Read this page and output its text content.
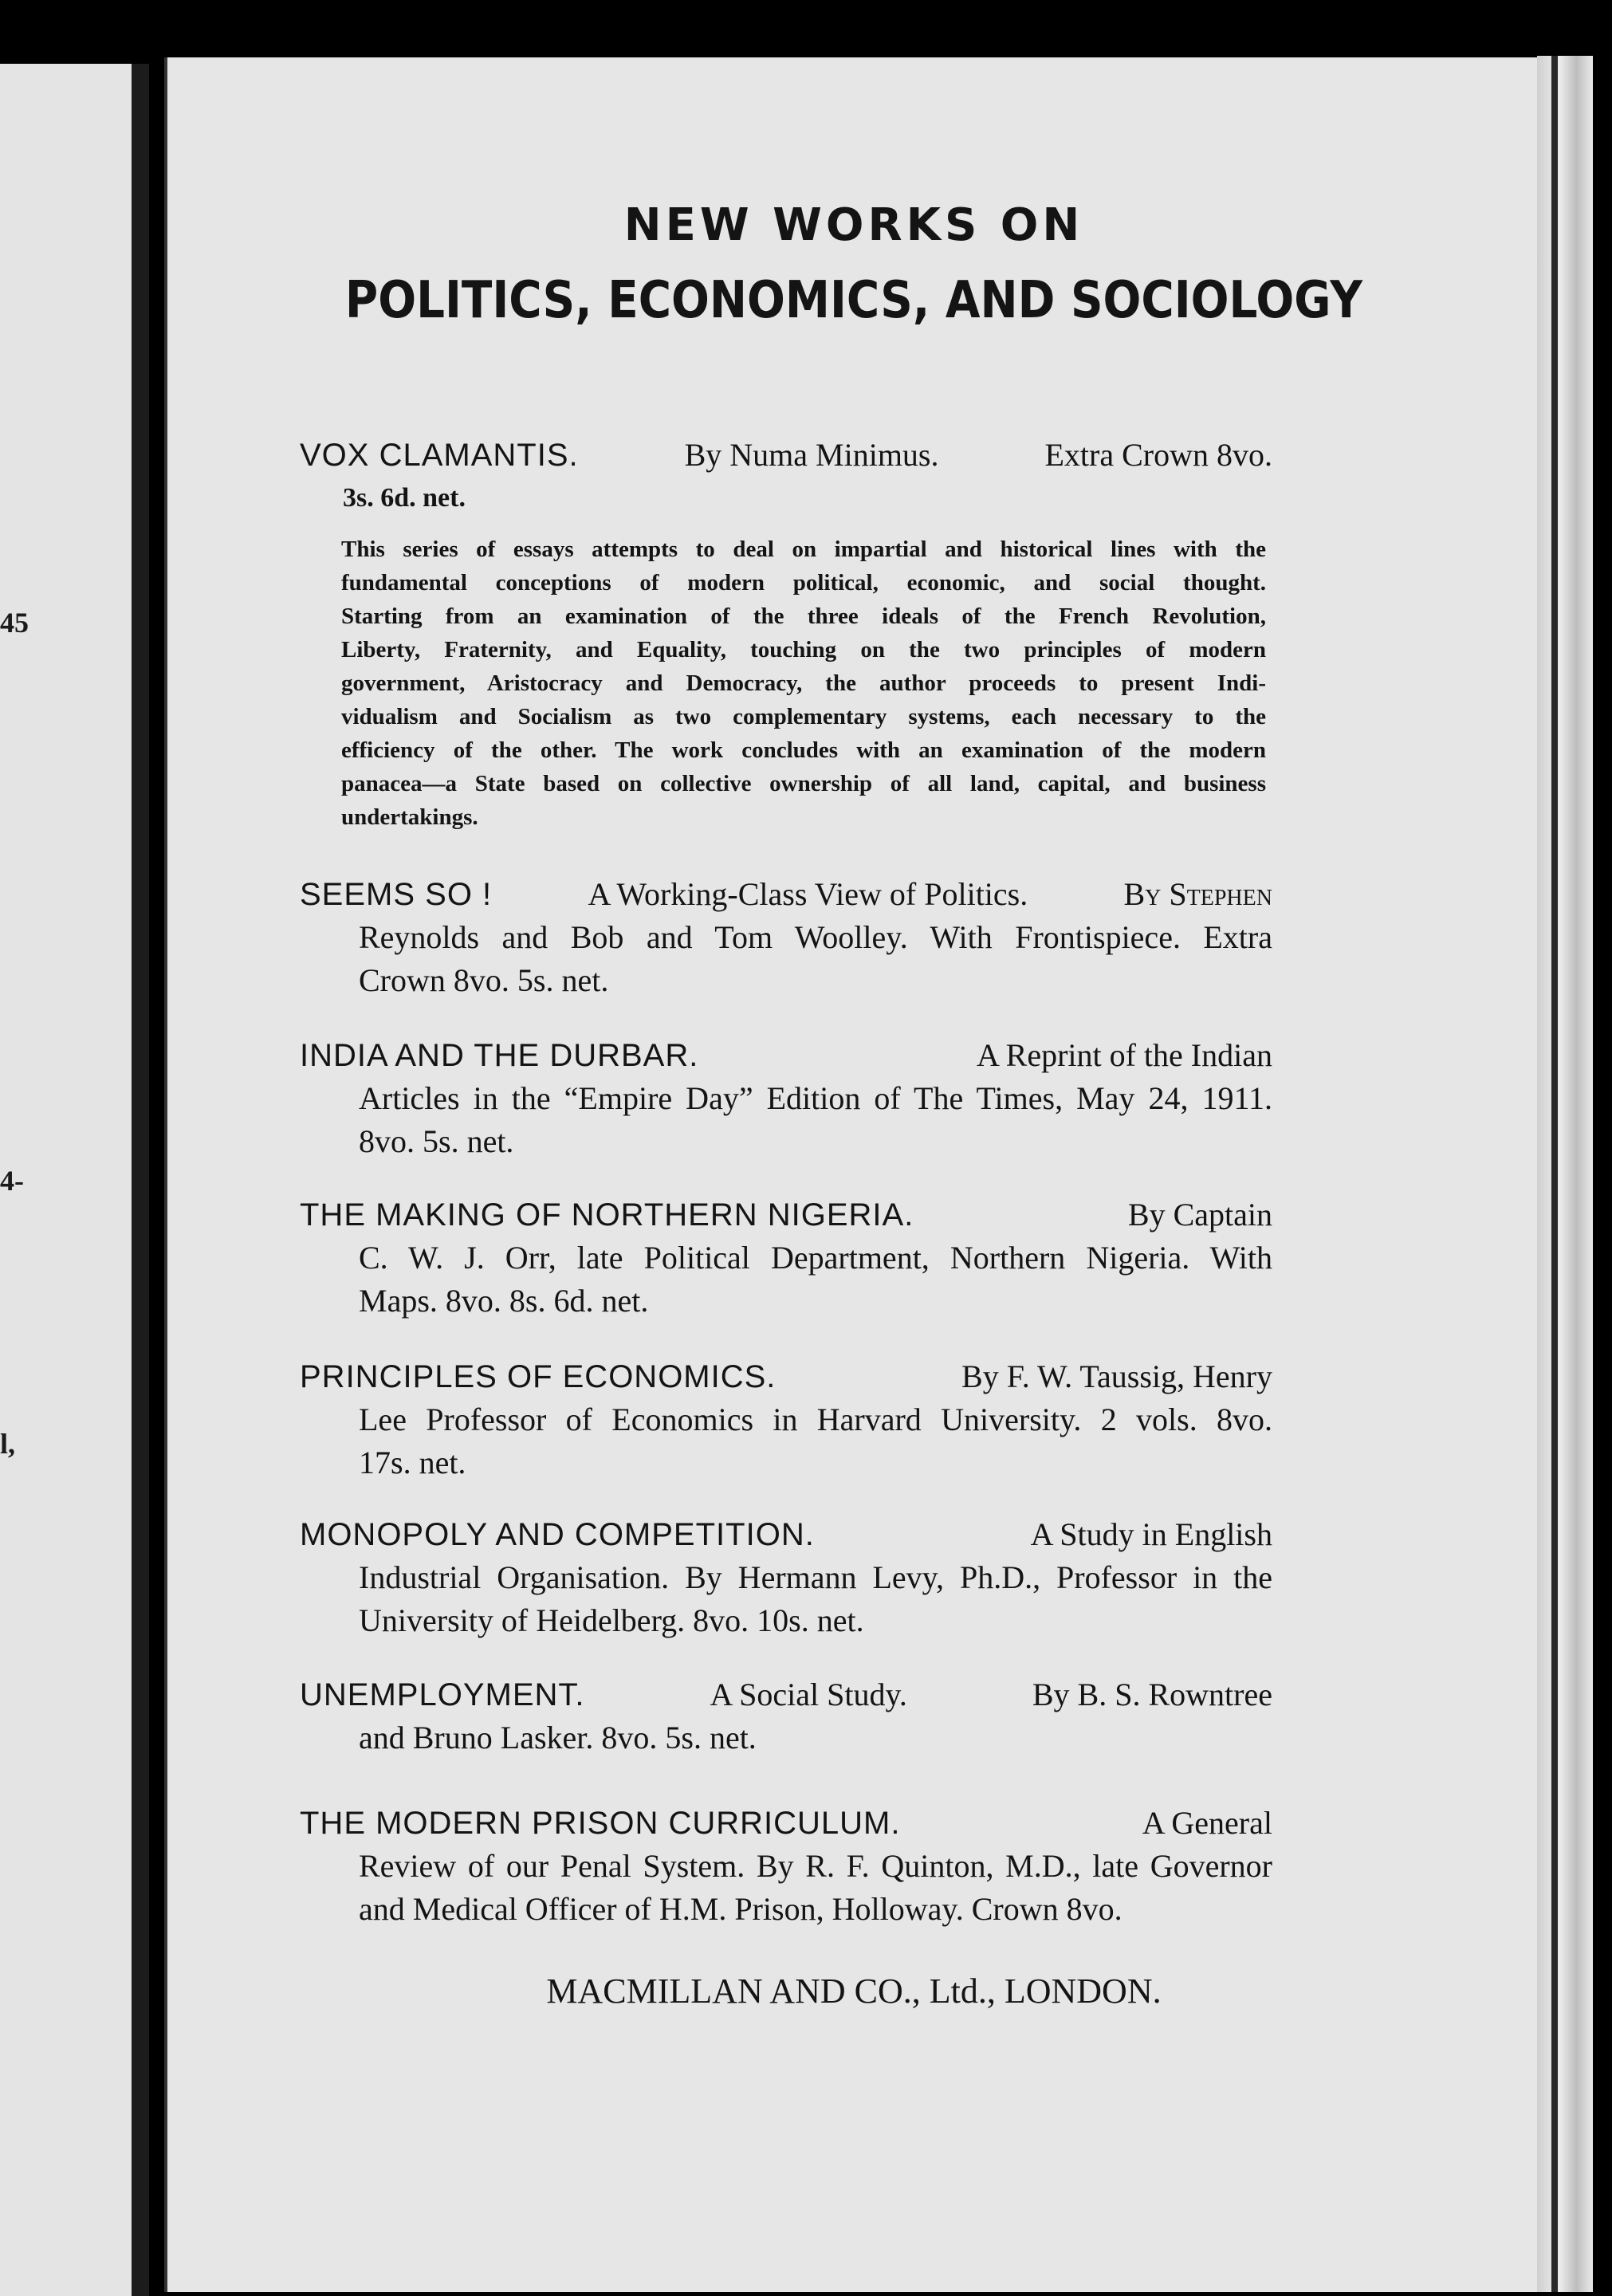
45
4-
l,
NEW WORKS ON
POLITICS, ECONOMICS, AND SOCIOLOGY
VOX CLAMANTIS.	By Numa Minimus.	Extra Crown 8vo.
3s. 6d. net.
This series of essays attempts to deal on impartial and historical lines with the
fundamental conceptions of modern political, economic, and social thought.
Starting from an examination of the three ideals of the French Revolution,
Liberty, Fraternity, and Equality, touching on the two principles of modern
government, Aristocracy and Democracy, the author proceeds to present Indi-
vidualism and Socialism as two complementary systems, each necessary to the
efficiency of the other. The work concludes with an examination of the modern
panacea—a State based on collective ownership of all land, capital, and business
undertakings.
SEEMS SO !	A Working-Class View of Politics.	By Stephen
Reynolds and Bob and Tom Woolley. With Frontispiece. Extra
Crown 8vo. 5s. net.
INDIA AND THE DURBAR.	A Reprint of the Indian
Articles in the “Empire Day” Edition of The Times, May 24, 1911.
8vo. 5s. net.
THE MAKING OF NORTHERN NIGERIA.	By Captain
C. W. J. Orr, late Political Department, Northern Nigeria. With
Maps. 8vo. 8s. 6d. net.
PRINCIPLES OF ECONOMICS.	By F. W. Taussig, Henry
Lee Professor of Economics in Harvard University. 2 vols. 8vo.
17s. net.
MONOPOLY AND COMPETITION.	A Study in English
Industrial Organisation. By Hermann Levy, Ph.D., Professor in the
University of Heidelberg. 8vo. 10s. net.
UNEMPLOYMENT.	A Social Study.	By B. S. Rowntree
and Bruno Lasker. 8vo. 5s. net.
THE MODERN PRISON CURRICULUM.	A General
Review of our Penal System. By R. F. Quinton, M.D., late Governor
and Medical Officer of H.M. Prison, Holloway. Crown 8vo.
MACMILLAN AND CO., Ltd., LONDON.
